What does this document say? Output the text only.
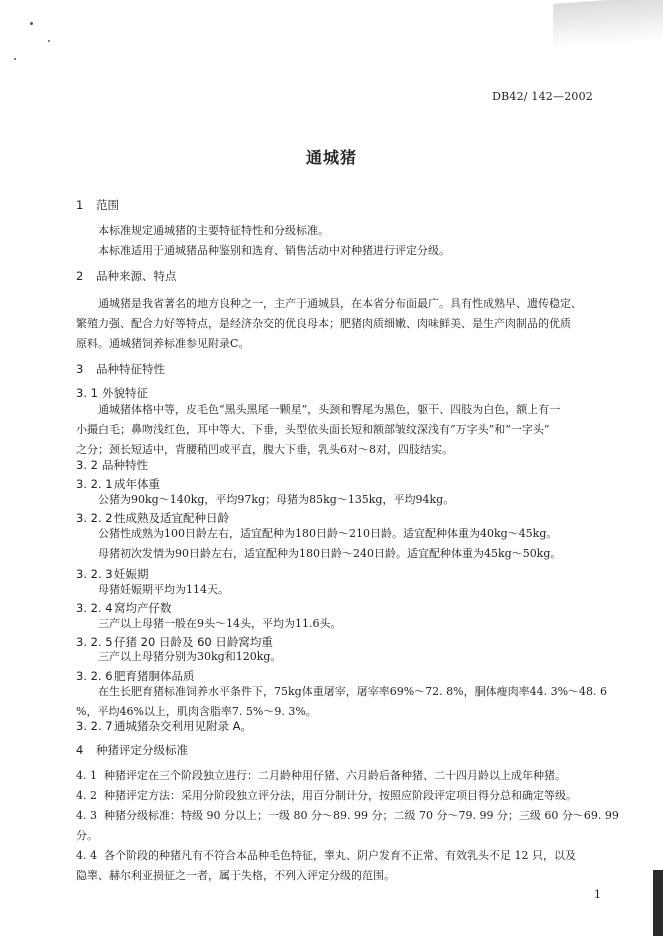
DB42/ 142—2002
通城猪
1 范围
本标准规定通城猪的主要特征特性和分级标准。
本标准适用于通城猪品种鉴别和选育、销售活动中对种猪进行评定分级。
2 品种来源、特点
通城猪是我省著名的地方良种之一，主产于通城县，在本省分布面最广。具有性成熟早、遗传稳定、
繁殖力强、配合力好等特点，是经济杂交的优良母本；肥猪肉质细嫩、肉味鲜美、是生产肉制品的优质
原料。通城猪饲养标准参见附录C。
3 品种特征特性
3. 1 外貌特征
通城猪体格中等，皮毛色“黑头黑尾一颗星”，头颈和臀尾为黑色，躯干、四肢为白色，额上有一
小撮白毛；鼻吻浅红色，耳中等大、下垂，头型依头面长短和额部皱纹深浅有“万字头”和“一字头”
之分；颈长短适中，背腰稍凹或平直，腹大下垂，乳头6对～8对，四肢结实。
3. 2 品种特性
3. 2. 1成年体重
公猪为90kg～140kg，平均97kg；母猪为85kg～135kg，平均94kg。
3. 2. 2性成熟及适宜配种日龄
公猪性成熟为100日龄左右，适宜配种为180日龄～210日龄。适宜配种体重为40kg～45kg。
母猪初次发情为90日龄左右，适宜配种为180日龄～240日龄。适宜配种体重为45kg～50kg。
3. 2. 3妊娠期
母猪妊娠期平均为114天。
3. 2. 4窝均产仔数
三产以上母猪一般在9头～14头，平均为11.6头。
3. 2. 5仔猪 20 日龄及 60 日龄窝均重
三产以上母猪分别为30kg和120kg。
3. 2. 6肥育猪胴体品质
在生长肥育猪标准饲养水平条件下，75kg体重屠宰，屠宰率69%～72. 8%，胴体瘦肉率44. 3%～48. 6
%，平均46%以上，肌肉含脂率7. 5%～9. 3%。
3. 2. 7通城猪杂交利用见附录 A。
4 种猪评定分级标准
4. 1 种猪评定在三个阶段独立进行：二月龄种用仔猪、六月龄后备种猪、二十四月龄以上成年种猪。
4. 2 种猪评定方法：采用分阶段独立评分法，用百分制计分，按照应阶段评定项目得分总和确定等级。
4. 3 种猪分级标准：特级 90 分以上；一级 80 分～89. 99 分；二级 70 分～79. 99 分；三级 60 分～69. 99
分。
4. 4 各个阶段的种猪凡有不符合本品种毛色特征，睾丸、阴户发育不正常、有效乳头不足 12 只，以及
隐睾、赫尔利亚损征之一者，属于失格，不列入评定分级的范围。
1
